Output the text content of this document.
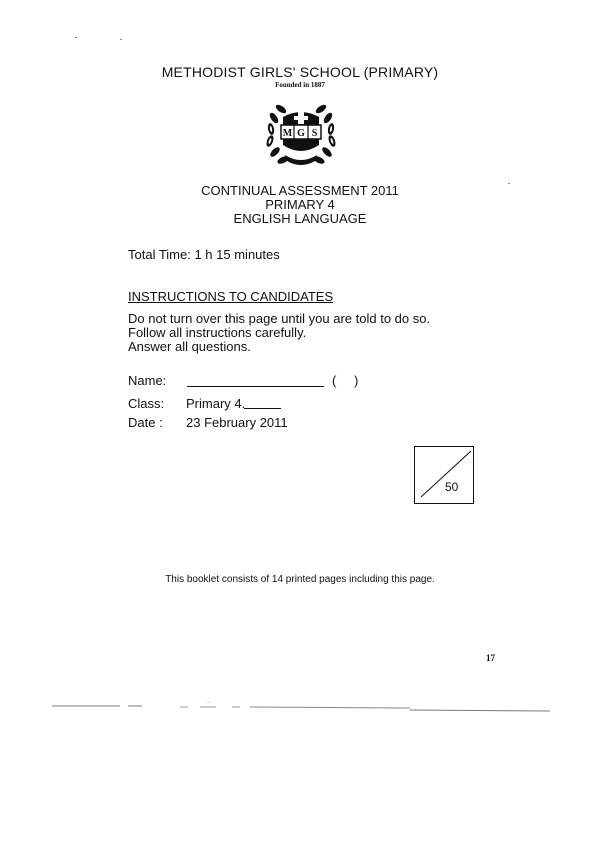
METHODIST GIRLS' SCHOOL (PRIMARY)
Founded in 1887
M G S
CONTINUAL ASSESSMENT 2011
PRIMARY 4
ENGLISH LANGUAGE
Total Time: 1 h 15 minutes
INSTRUCTIONS TO CANDIDATES
Do not turn over this page until you are told to do so.
Follow all instructions carefully.
Answer all questions.
Name:	( )
Class: Primary 4.
Date : 23 February 2011
50
This booklet consists of 14 printed pages including this page.
17
